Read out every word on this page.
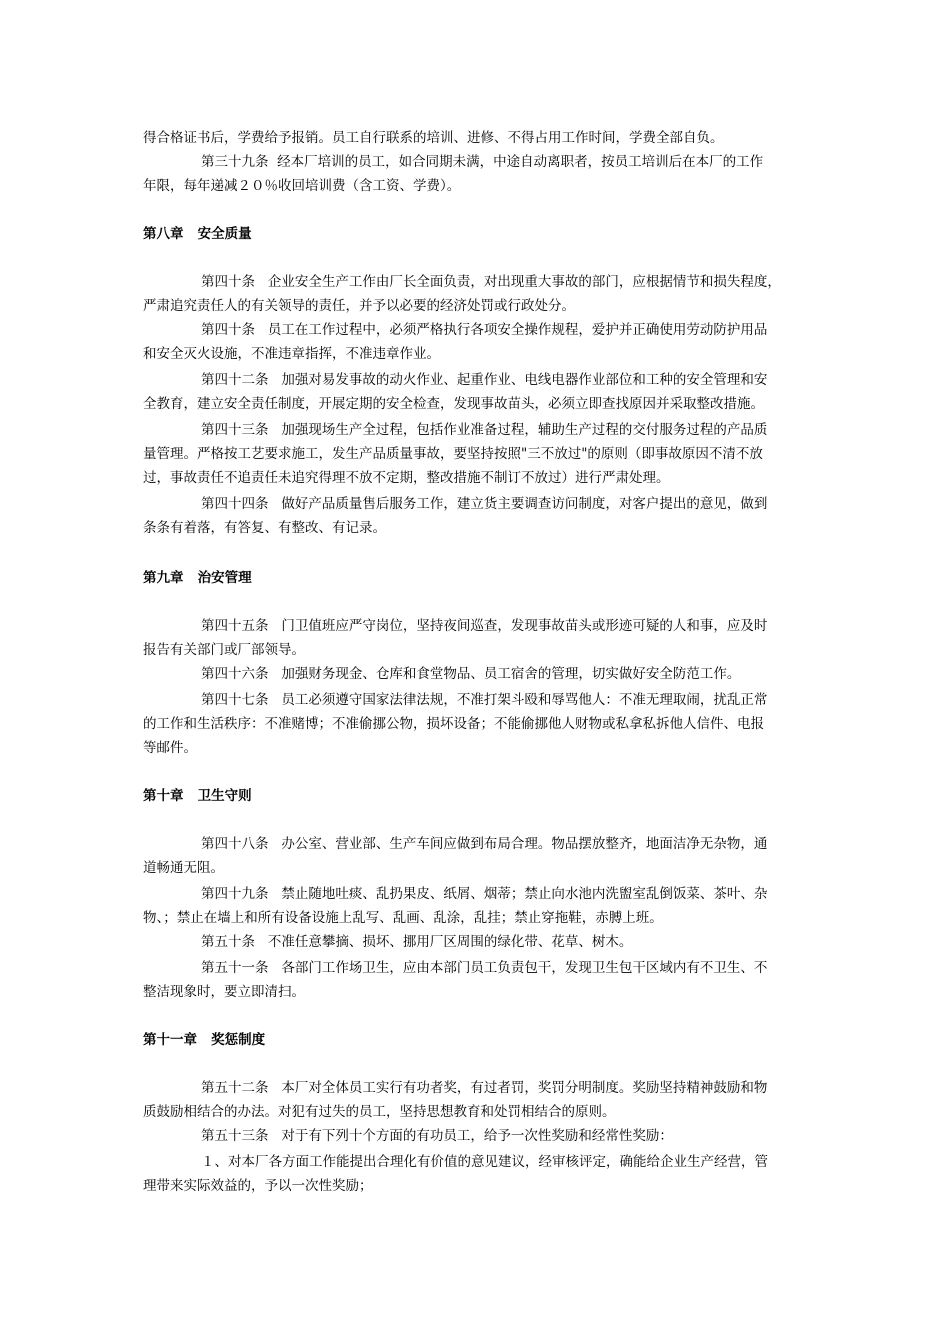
得合格证书后，学费给予报销。员工自行联系的培训、进修、不得占用工作时间，学费全部自负。
第三十九条  经本厂培训的员工，如合同期未满，中途自动离职者，按员工培训后在本厂的工作
年限，每年递减２０％收回培训费（含工资、学费）。
第八章   安全质量
第四十条   企业安全生产工作由厂长全面负责，对出现重大事故的部门，应根据情节和损失程度，
严肃追究责任人的有关领导的责任，并予以必要的经济处罚或行政处分。
第四十条   员工在工作过程中，必须严格执行各项安全操作规程，爱护并正确使用劳动防护用品
和安全灭火设施，不准违章指挥，不准违章作业。
第四十二条   加强对易发事故的动火作业、起重作业、电线电器作业部位和工种的安全管理和安
全教育，建立安全责任制度，开展定期的安全检查，发现事故苗头，必须立即查找原因并采取整改措施。
第四十三条   加强现场生产全过程，包括作业准备过程，辅助生产过程的交付服务过程的产品质
量管理。严格按工艺要求施工，发生产品质量事故，要坚持按照"三不放过"的原则（即事故原因不清不放
过，事故责任不追责任未追究得理不放不定期，整改措施不制订不放过）进行严肃处理。
第四十四条   做好产品质量售后服务工作，建立货主要调查访问制度，对客户提出的意见，做到
条条有着落，有答复、有整改、有记录。
第九章   治安管理
第四十五条   门卫值班应严守岗位，坚持夜间巡查，发现事故苗头或形迹可疑的人和事，应及时
报告有关部门或厂部领导。
第四十六条   加强财务现金、仓库和食堂物品、员工宿舍的管理，切实做好安全防范工作。
第四十七条   员工必须遵守国家法律法规，不准打架斗殴和辱骂他人：不准无理取闹，扰乱正常
的工作和生活秩序：不准赌博；不准偷挪公物，损坏设备；不能偷挪他人财物或私拿私拆他人信件、电报
等邮件。
第十章   卫生守则
第四十八条   办公室、营业部、生产车间应做到布局合理。物品摆放整齐，地面洁净无杂物，通
道畅通无阻。
第四十九条   禁止随地吐痰、乱扔果皮、纸屑、烟蒂；禁止向水池内洗盥室乱倒饭菜、茶叶、杂
物、；禁止在墙上和所有设备设施上乱写、乱画、乱涂，乱挂；禁止穿拖鞋，赤膊上班。
第五十条   不准任意攀摘、损坏、挪用厂区周围的绿化带、花草、树木。
第五十一条   各部门工作场卫生，应由本部门员工负责包干，发现卫生包干区域内有不卫生、不
整洁现象时，要立即清扫。
第十一章   奖惩制度
第五十二条   本厂对全体员工实行有功者奖，有过者罚，奖罚分明制度。奖励坚持精神鼓励和物
质鼓励相结合的办法。对犯有过失的员工，坚持思想教育和处罚相结合的原则。
第五十三条   对于有下列十个方面的有功员工，给予一次性奖励和经常性奖励：
１、对本厂各方面工作能提出合理化有价值的意见建议，经审核评定，确能给企业生产经营，管
理带来实际效益的，予以一次性奖励；
